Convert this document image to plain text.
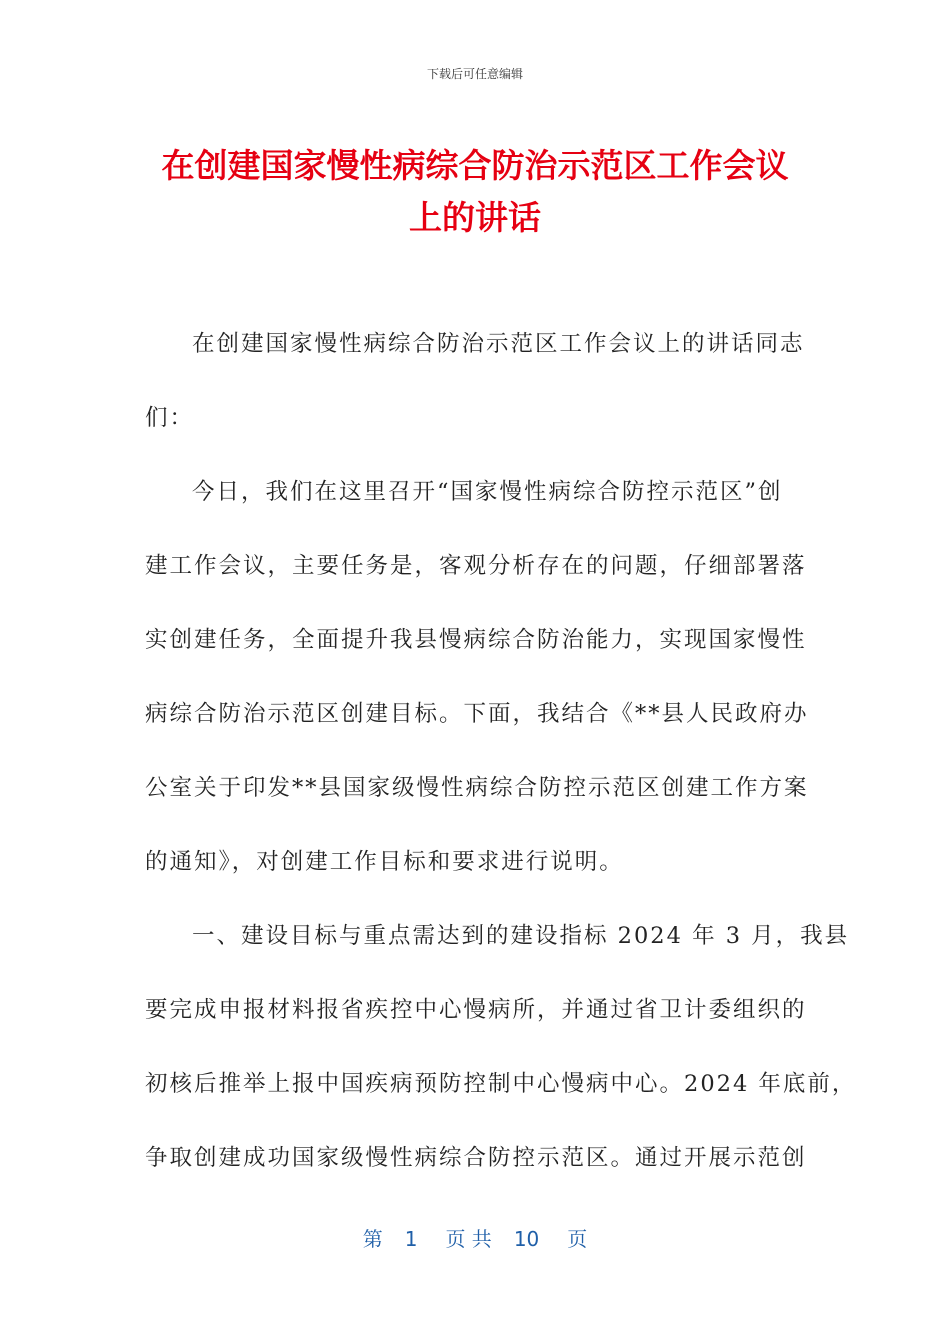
下载后可任意编辑
在创建国家慢性病综合防治示范区工作会议
上的讲话
在创建国家慢性病综合防治示范区工作会议上的讲话同志
们：
今日，我们在这里召开“国家慢性病综合防控示范区”创
建工作会议，主要任务是，客观分析存在的问题，仔细部署落
实创建任务，全面提升我县慢病综合防治能力，实现国家慢性
病综合防治示范区创建目标。下面，我结合《**县人民政府办
公室关于印发**县国家级慢性病综合防控示范区创建工作方案
的通知》，对创建工作目标和要求进行说明。
一、建设目标与重点需达到的建设指标 2024 年 3 月，我县
要完成申报材料报省疾控中心慢病所，并通过省卫计委组织的
初核后推举上报中国疾病预防控制中心慢病中心。2024 年底前，
争取创建成功国家级慢性病综合防控示范区。通过开展示范创
第 1 页 共 10 页
